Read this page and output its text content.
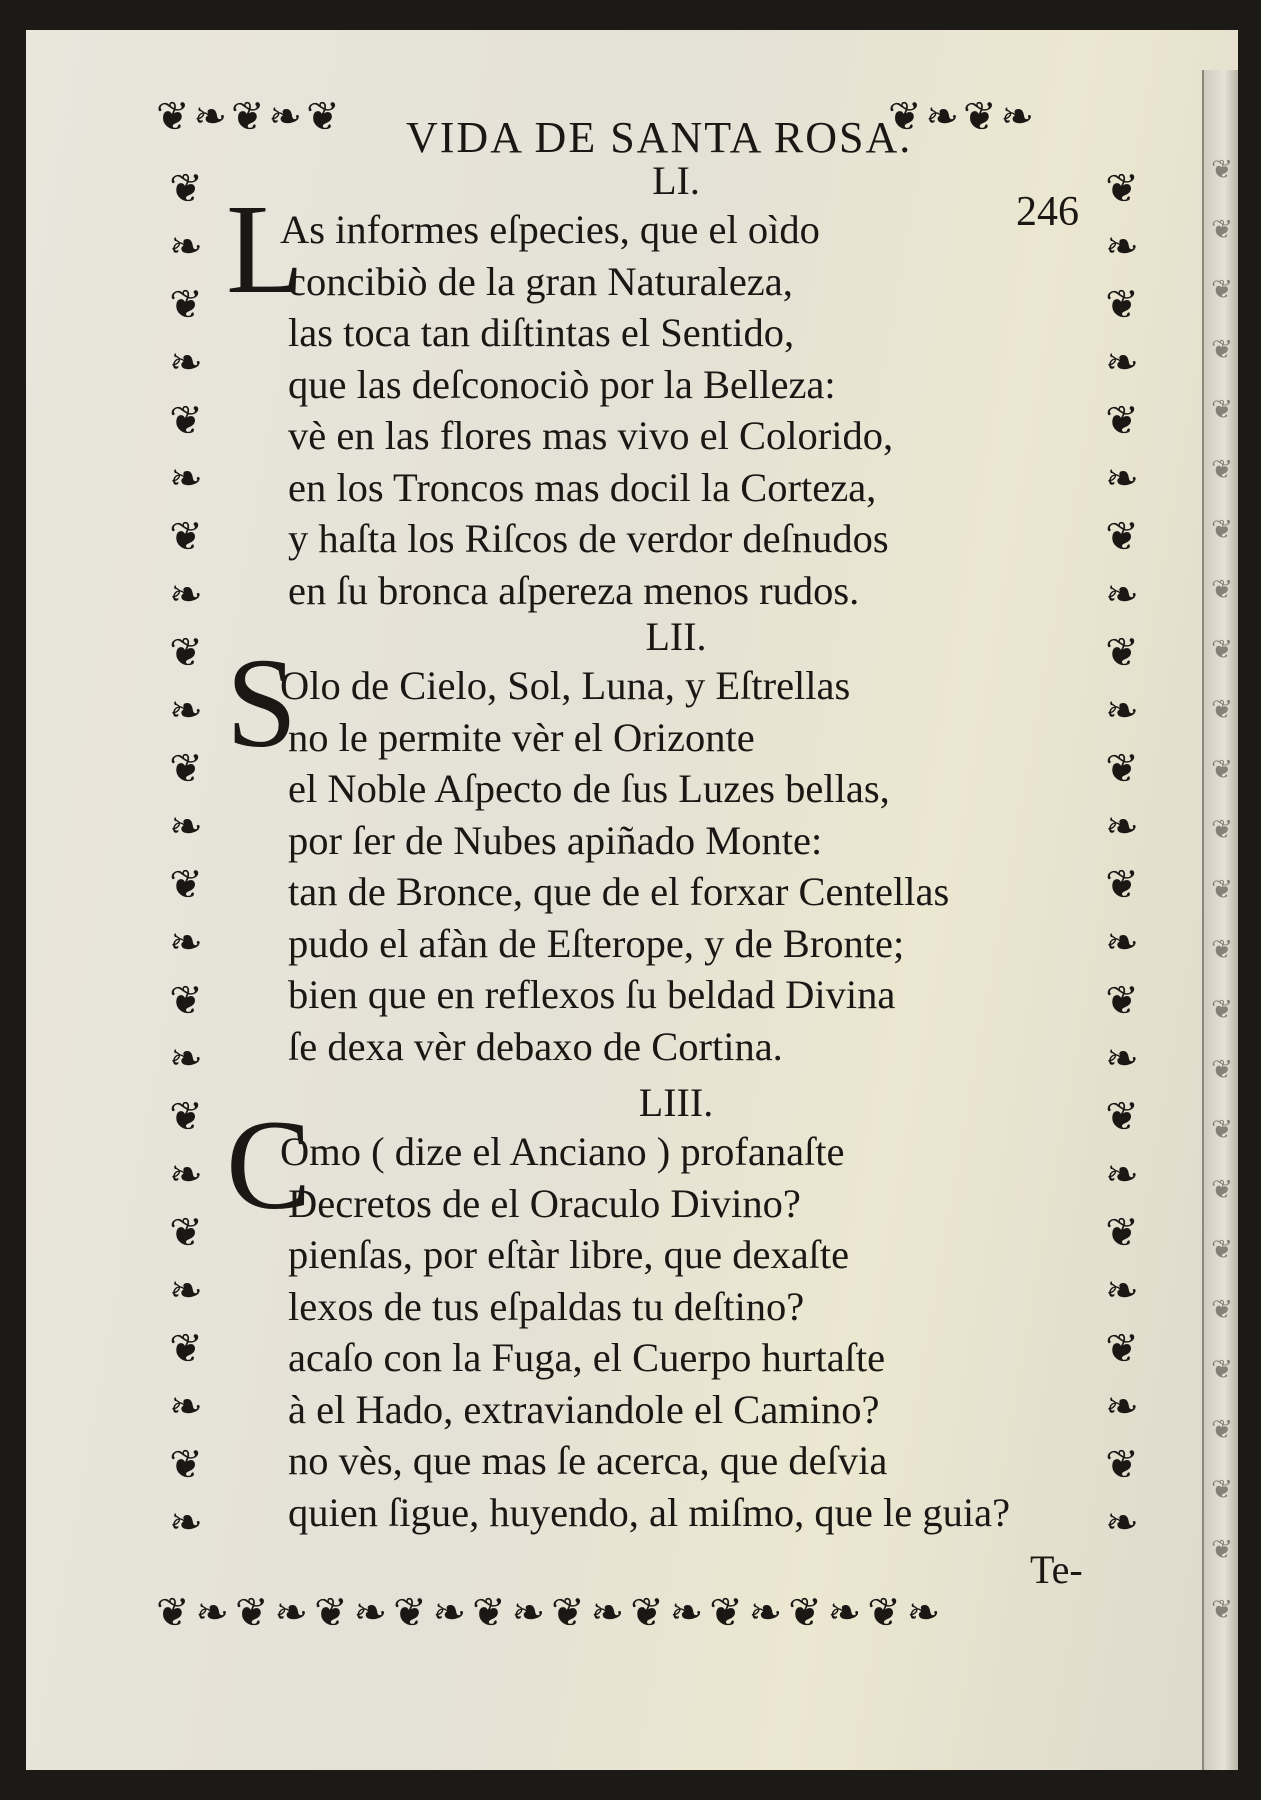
❦
❦
❦
❦
❦
❦
❦
❦
❦
❦
❦
❦
❦
❦
❦
❦
❦
❦
❦
❦
❦
❦
❦
❦
❦
❦❧❦❧❦	❦❧❦❧
❦
❧
❦
❧
❦
❧
❦
❧
❦
❧
❦
❧
❦
❧
❦
❧
❦
❧
❦
❧
❦
❧
❦
❧
❦
❧
❦
❧
❦
❧
❦
❧
❦
❧
❦
❧
❦
❧
❦
❧
❦
❧
❦
❧
❦
❧
❦
❧
❦❧❦❧❦❧❦❧❦❧❦❧❦❧❦❧❦❧❦❧
VIDA DE SANTA ROSA.
246
LI.
L
As informes eſpecies, que el oìdo
concibiò de la gran Naturaleza,
las toca tan diſtintas el Sentido,
que las deſconociò por la Belleza:
vè en las flores mas vivo el Colorido,
en los Troncos mas docil la Corteza,
y haſta los Riſcos de verdor deſnudos
en ſu bronca aſpereza menos rudos.
LII.
S
Olo de Cielo, Sol, Luna, y Eſtrellas
no le permite vèr el Orizonte
el Noble Aſpecto de ſus Luzes bellas,
por ſer de Nubes apiñado Monte:
tan de Bronce, que de el forxar Centellas
pudo el afàn de Eſterope, y de Bronte;
bien que en reflexos ſu beldad Divina
ſe dexa vèr debaxo de Cortina.
LIII.
C
Omo ( dize el Anciano ) profanaſte
Decretos de el Oraculo Divino?
pienſas, por eſtàr libre, que dexaſte
lexos de tus eſpaldas tu deſtino?
acaſo con la Fuga, el Cuerpo hurtaſte
à el Hado, extraviandole el Camino?
no vès, que mas ſe acerca, que deſvia
quien ſigue, huyendo, al miſmo, que le guia?
Te-
